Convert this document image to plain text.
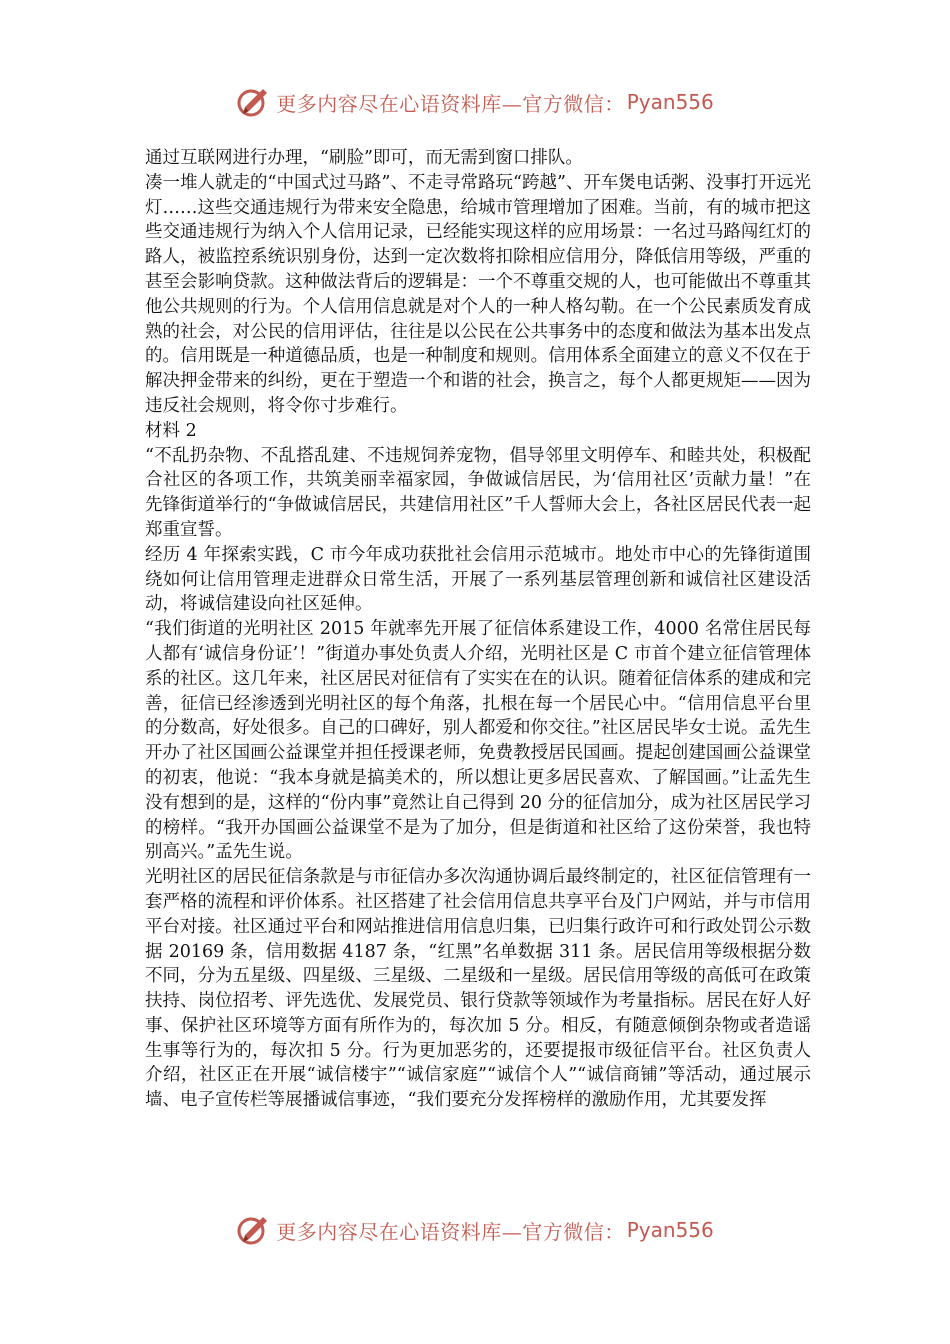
更多内容尽在心语资料库—官方微信： Pyan556

通过互联网进行办理，“刷脸”即可，而无需到窗口排队。

凑一堆人就走的“中国式过马路”、不走寻常路玩“跨越”、开车煲电话粥、没事打开远光灯……这些交通违规行为带来安全隐患，给城市管理增加了困难。当前，有的城市把这些交通违规行为纳入个人信用记录，已经能实现这样的应用场景：一名过马路闯红灯的路人，被监控系统识别身份，达到一定次数将扣除相应信用分，降低信用等级，严重的甚至会影响贷款。这种做法背后的逻辑是：一个不尊重交规的人，也可能做出不尊重其他公共规则的行为。个人信用信息就是对个人的一种人格勾勒。在一个公民素质发育成熟的社会，对公民的信用评估，往往是以公民在公共事务中的态度和做法为基本出发点的。信用既是一种道德品质，也是一种制度和规则。信用体系全面建立的意义不仅在于解决押金带来的纠纷，更在于塑造一个和谐的社会，换言之，每个人都更规矩——因为违反社会规则，将令你寸步难行。

材料 2

“不乱扔杂物、不乱搭乱建、不违规饲养宠物，倡导邻里文明停车、和睦共处，积极配合社区的各项工作，共筑美丽幸福家园，争做诚信居民，为‘信用社区’贡献力量！”在先锋街道举行的“争做诚信居民，共建信用社区”千人誓师大会上，各社区居民代表一起郑重宣誓。

经历 4 年探索实践，C 市今年成功获批社会信用示范城市。地处市中心的先锋街道围绕如何让信用管理走进群众日常生活，开展了一系列基层管理创新和诚信社区建设活动，将诚信建设向社区延伸。

“我们街道的光明社区 2015 年就率先开展了征信体系建设工作，4000 名常住居民每人都有‘诚信身份证’！”街道办事处负责人介绍，光明社区是 C 市首个建立征信管理体系的社区。这几年来，社区居民对征信有了实实在在的认识。随着征信体系的建成和完善，征信已经渗透到光明社区的每个角落，扎根在每一个居民心中。“信用信息平台里的分数高，好处很多。自己的口碑好，别人都爱和你交往。”社区居民毕女士说。孟先生开办了社区国画公益课堂并担任授课老师，免费教授居民国画。提起创建国画公益课堂的初衷，他说：“我本身就是搞美术的，所以想让更多居民喜欢、了解国画。”让孟先生没有想到的是，这样的“份内事”竟然让自己得到 20 分的征信加分，成为社区居民学习的榜样。“我开办国画公益课堂不是为了加分，但是街道和社区给了这份荣誉，我也特别高兴。”孟先生说。

光明社区的居民征信条款是与市征信办多次沟通协调后最终制定的，社区征信管理有一套严格的流程和评价体系。社区搭建了社会信用信息共享平台及门户网站，并与市信用平台对接。社区通过平台和网站推进信用信息归集，已归集行政许可和行政处罚公示数据 20169 条，信用数据 4187 条，“红黑”名单数据 311 条。居民信用等级根据分数不同，分为五星级、四星级、三星级、二星级和一星级。居民信用等级的高低可在政策扶持、岗位招考、评先选优、发展党员、银行贷款等领域作为考量指标。居民在好人好事、保护社区环境等方面有所作为的，每次加 5 分。相反，有随意倾倒杂物或者造谣生事等行为的，每次扣 5 分。行为更加恶劣的，还要提报市级征信平台。社区负责人介绍，社区正在开展“诚信楼宇”“诚信家庭”“诚信个人”“诚信商铺”等活动，通过展示墙、电子宣传栏等展播诚信事迹，“我们要充分发挥榜样的激励作用，尤其要发挥

更多内容尽在心语资料库—官方微信： Pyan556
